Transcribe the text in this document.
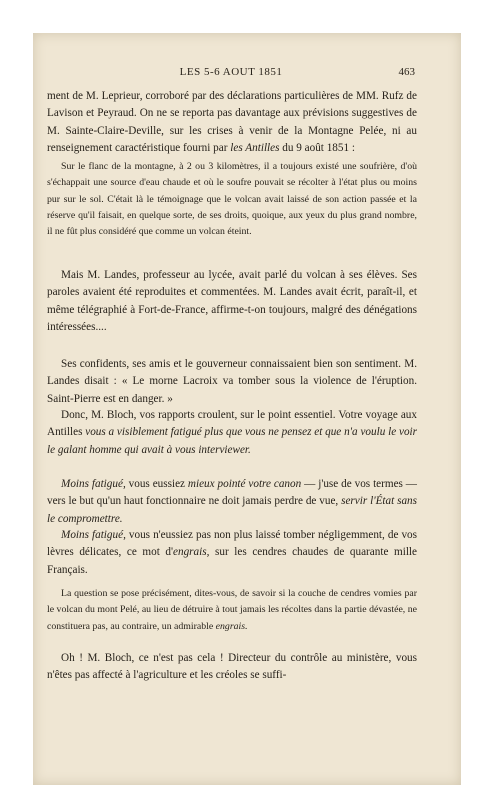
LES 5-6 AOUT 1851	463

ment de M. Leprieur, corroboré par des déclarations particulières de MM. Rufz de Lavison et Peyraud. On ne se reporta pas davantage aux prévisions suggestives de M. Sainte-Claire-Deville, sur les crises à venir de la Montagne Pelée, ni au renseignement caractéristique fourni par les Antilles du 9 août 1851 :

Sur le flanc de la montagne, à 2 ou 3 kilomètres, il a toujours existé une soufrière, d'où s'échappait une source d'eau chaude et où le soufre pouvait se récolter à l'état plus ou moins pur sur le sol. C'était là le témoignage que le volcan avait laissé de son action passée et la réserve qu'il faisait, en quelque sorte, de ses droits, quoique, aux yeux du plus grand nombre, il ne fût plus considéré que comme un volcan éteint.

Mais M. Landes, professeur au lycée, avait parlé du volcan à ses élèves. Ses paroles avaient été reproduites et commentées. M. Landes avait écrit, paraît-il, et même télégraphié à Fort-de-France, affirme-t-on toujours, malgré des dénégations intéressées....

Ses confidents, ses amis et le gouverneur connaissaient bien son sentiment. M. Landes disait : « Le morne Lacroix va tomber sous la violence de l'éruption. Saint-Pierre est en danger. »

Donc, M. Bloch, vos rapports croulent, sur le point essentiel. Votre voyage aux Antilles vous a visiblement fatigué plus que vous ne pensez et que n'a voulu le voir le galant homme qui avait à vous interviewer.

Moins fatigué, vous eussiez mieux pointé votre canon — j'use de vos termes — vers le but qu'un haut fonctionnaire ne doit jamais perdre de vue, servir l'État sans le compromettre.

Moins fatigué, vous n'eussiez pas non plus laissé tomber négligemment, de vos lèvres délicates, ce mot d'engrais, sur les cendres chaudes de quarante mille Français.

La question se pose précisément, dites-vous, de savoir si la couche de cendres vomies par le volcan du mont Pelé, au lieu de détruire à tout jamais les récoltes dans la partie dévastée, ne constituera pas, au contraire, un admirable engrais.

Oh ! M. Bloch, ce n'est pas cela ! Directeur du contrôle au ministère, vous n'êtes pas affecté à l'agriculture et les créoles se suffi-
